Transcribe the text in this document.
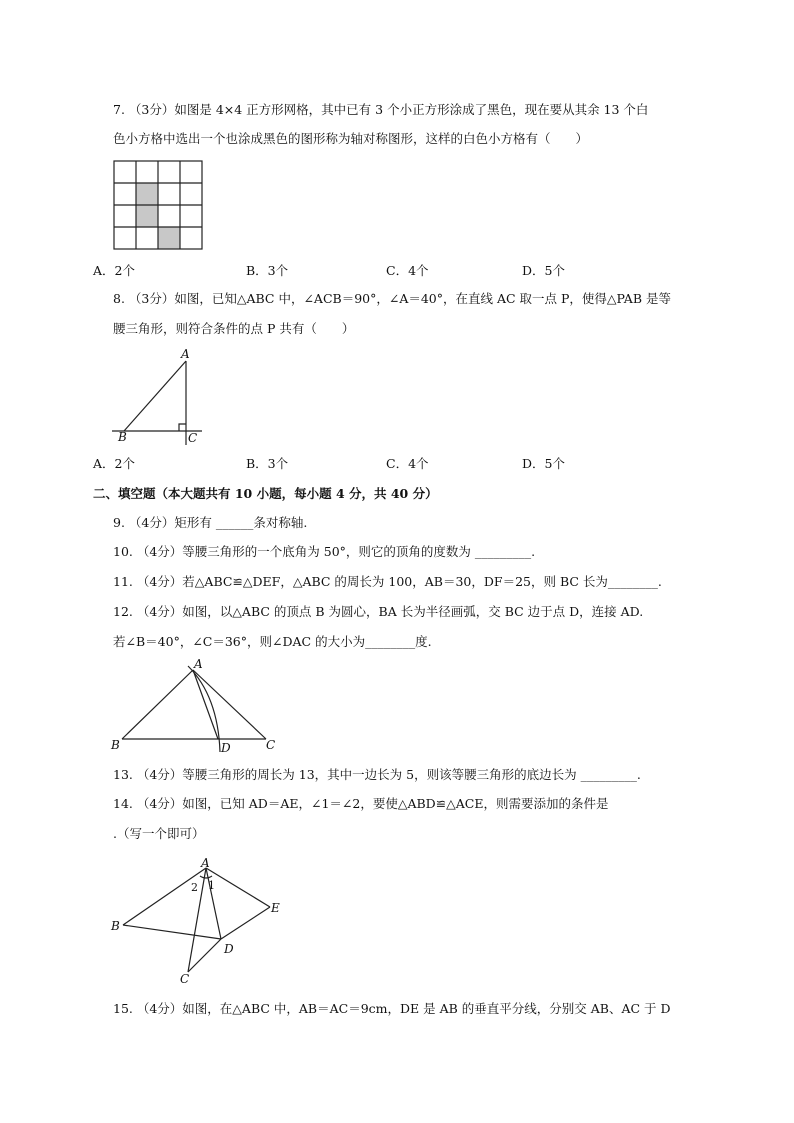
7. （3分）如图是 4×4 正方形网格，其中已有 3 个小正方形涂成了黑色，现在要从其余 13 个白
色小方格中选出一个也涂成黑色的图形称为轴对称图形，这样的白色小方格有（　　）
A．2个	B．3个	C．4个	D．5个
8. （3分）如图，已知△ABC 中，∠ACB＝90°，∠A＝40°，在直线 AC 取一点 P，使得△PAB 是等
腰三角形，则符合条件的点 P 共有（　　）
A
B	C
A．2个	B．3个	C．4个	D．5个
二、填空题（本大题共有 10 小题，每小题 4 分，共 40 分）
9. （4分）矩形有 ______条对称轴.
10. （4分）等腰三角形的一个底角为 50°，则它的顶角的度数为 _________.
11. （4分）若△ABC≌△DEF，△ABC 的周长为 100，AB＝30，DF＝25，则 BC 长为________.
12. （4分）如图，以△ABC 的顶点 B 为圆心，BA 长为半径画弧，交 BC 边于点 D，连接 AD.
若∠B＝40°，∠C＝36°，则∠DAC 的大小为________度.
A
B	C
D
13. （4分）等腰三角形的周长为 13，其中一边长为 5，则该等腰三角形的底边长为 _________.
14. （4分）如图，已知 AD＝AE，∠1＝∠2，要使△ABD≌△ACE，则需要添加的条件是
.（写一个即可）
A
B
C
D
E
1
2
15. （4分）如图，在△ABC 中，AB＝AC＝9cm，DE 是 AB 的垂直平分线，分别交 AB、AC 于 D
